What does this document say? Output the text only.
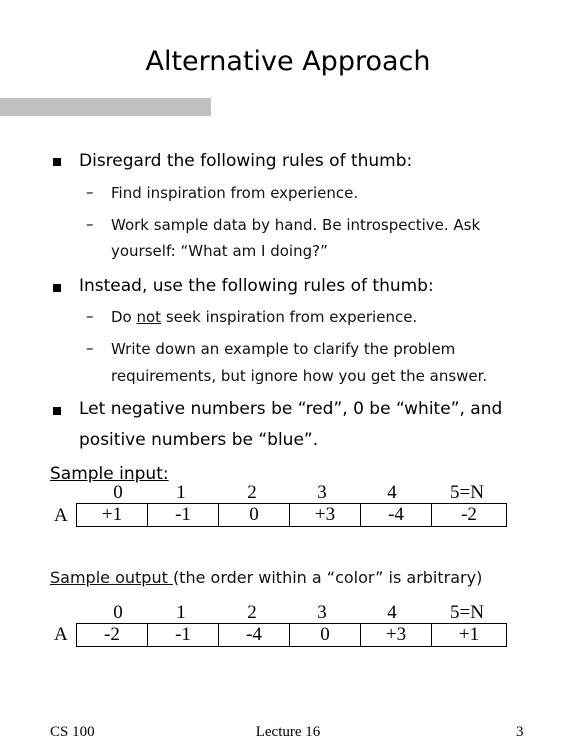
Alternative Approach
Disregard the following rules of thumb:
– Find inspiration from experience.
– Work sample data by hand. Be introspective. Ask
yourself: “What am I doing?”
Instead, use the following rules of thumb:
– Do not seek inspiration from experience.
– Write down an example to clarify the problem
requirements, but ignore how you get the answer.
Let negative numbers be “red”, 0 be “white”, and
positive numbers be “blue”.
Sample input:
0	1	2	3	4	5=N
A +1	-1	0	+3	-4	-2
Sample output (the order within a “color” is arbitrary)
0	1	2	3	4	5=N
A -2	-1	-4	0	+3	+1
CS 100	Lecture 16	3
